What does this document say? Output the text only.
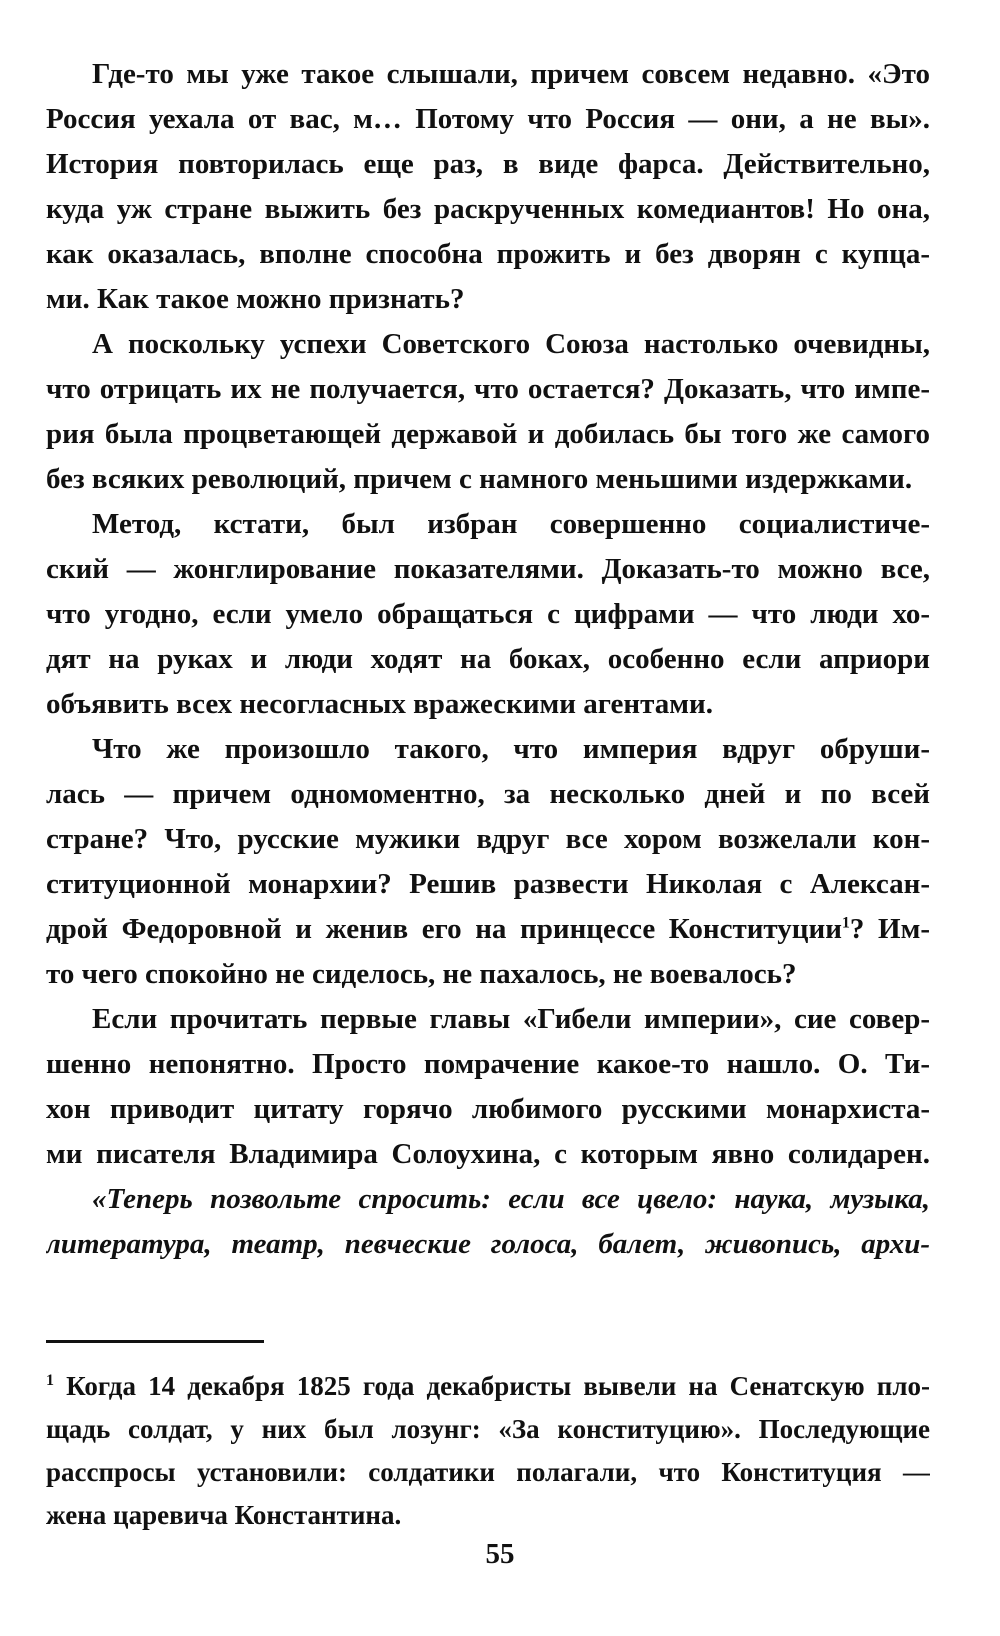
Где-то мы уже такое слышали, причем совсем недавно. «Это
Россия уехала от вас, м… Потому что Россия — они, а не вы».
История повторилась еще раз, в виде фарса. Действительно,
куда уж стране выжить без раскрученных комедиантов! Но она,
как оказалась, вполне способна прожить и без дворян с купца-
ми. Как такое можно признать?
А поскольку успехи Советского Союза настолько очевидны,
что отрицать их не получается, что остается? Доказать, что импе-
рия была процветающей державой и добилась бы того же самого
без всяких революций, причем с намного меньшими издержками.
Метод, кстати, был избран совершенно социалистиче-
ский — жонглирование показателями. Доказать-то можно все,
что угодно, если умело обращаться с цифрами — что люди хо-
дят на руках и люди ходят на боках, особенно если априори
объявить всех несогласных вражескими агентами.
Что же произошло такого, что империя вдруг обруши-
лась — причем одномоментно, за несколько дней и по всей
стране? Что, русские мужики вдруг все хором возжелали кон-
ституционной монархии? Решив развести Николая с Алексан-
дрой Федоровной и женив его на принцессе Конституции$^1$? Им-
то чего спокойно не сиделось, не пахалось, не воевалось?
Если прочитать первые главы «Гибели империи», сие совер-
шенно непонятно. Просто помрачение какое-то нашло. О. Ти-
хон приводит цитату горячо любимого русскими монархиста-
ми писателя Владимира Солоухина, с которым явно солидарен.
«Теперь позвольте спросить: если все цвело: наука, музыка,
литература, театр, певческие голоса, балет, живопись, архи-
$^1$ Когда 14 декабря 1825 года декабристы вывели на Сенатскую пло-
щадь солдат, у них был лозунг: «За конституцию». Последующие
расспросы установили: солдатики полагали, что Конституция —
жена царевича Константина.
55
